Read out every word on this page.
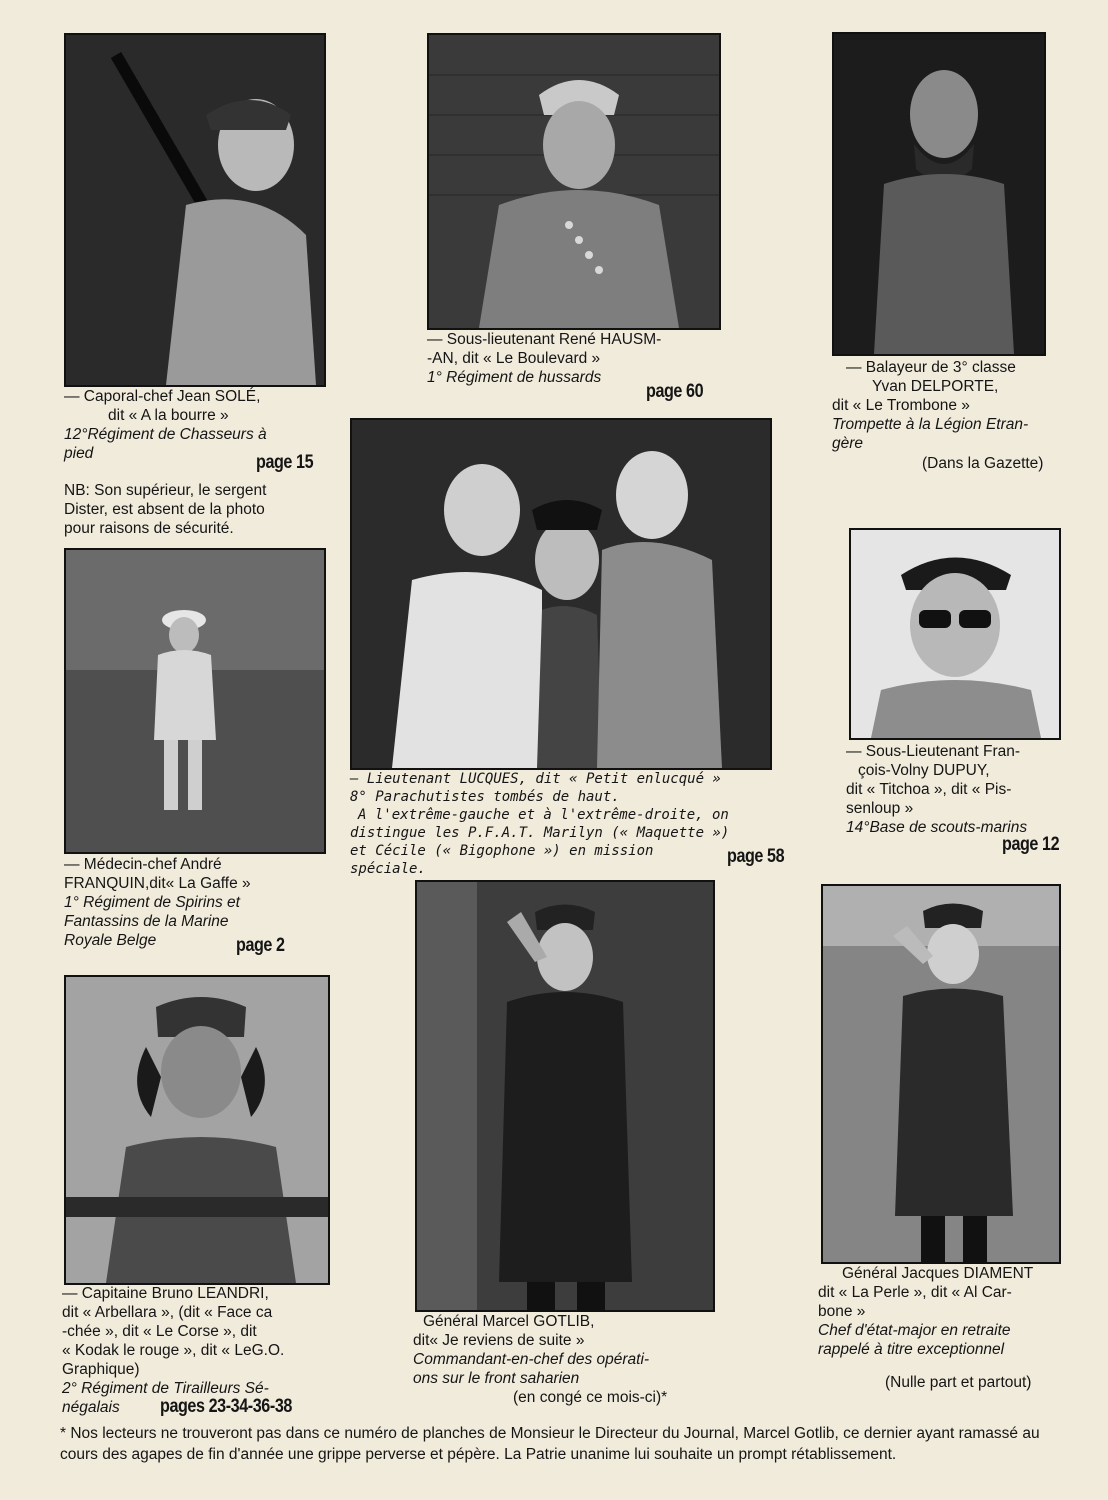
— Caporal-chef Jean SOLÉ,
dit « A la bourre »
12°Régiment de Chasseurs à
pied	page 15
NB: Son supérieur, le sergent
Dister, est absent de la photo
pour raisons de sécurité.
— Sous-lieutenant René HAUSM-
-AN, dit « Le Boulevard »
1° Régiment de hussards
page 60
— Balayeur de 3° classe
Yvan DELPORTE,
dit « Le Trombone »
Trompette à la Légion Etran-
gère
(Dans la Gazette)
— Lieutenant LUCQUES, dit « Petit enlucqué »
8° Parachutistes tombés de haut.
A l'extrême-gauche et à l'extrême-droite, on
distingue les P.F.A.T. Marilyn (« Maquette »)
et Cécile (« Bigophone ») en mission
spéciale.
page 58
— Médecin-chef André
FRANQUIN,dit« La Gaffe »
1° Régiment de Spirins et
Fantassins de la Marine
Royale Belge	page 2
— Sous-Lieutenant Fran-
çois-Volny DUPUY,
dit « Titchoa », dit « Pis-
senloup »
14°Base de scouts-marins
page 12
— Capitaine Bruno LEANDRI,
dit « Arbellara », (dit « Face ca
-chée », dit « Le Corse », dit
« Kodak le rouge », dit « LeG.O.
Graphique)
2° Régiment de Tirailleurs Sé-
négalais	pages 23-34-36-38
Général Marcel GOTLIB,
dit« Je reviens de suite »
Commandant-en-chef des opérati-
ons sur le front saharien
(en congé ce mois-ci)*
Général Jacques DIAMENT
dit « La Perle », dit « Al Car-
bone »
Chef d'état-major en retraite
rappelé à titre exceptionnel
(Nulle part et partout)

* Nos lecteurs ne trouveront pas dans ce numéro de planches de Monsieur le Directeur du Journal, Marcel Gotlib, ce dernier ayant ramassé au cours des agapes de fin d'année une grippe perverse et pépère. La Patrie unanime lui souhaite un prompt rétablissement.
